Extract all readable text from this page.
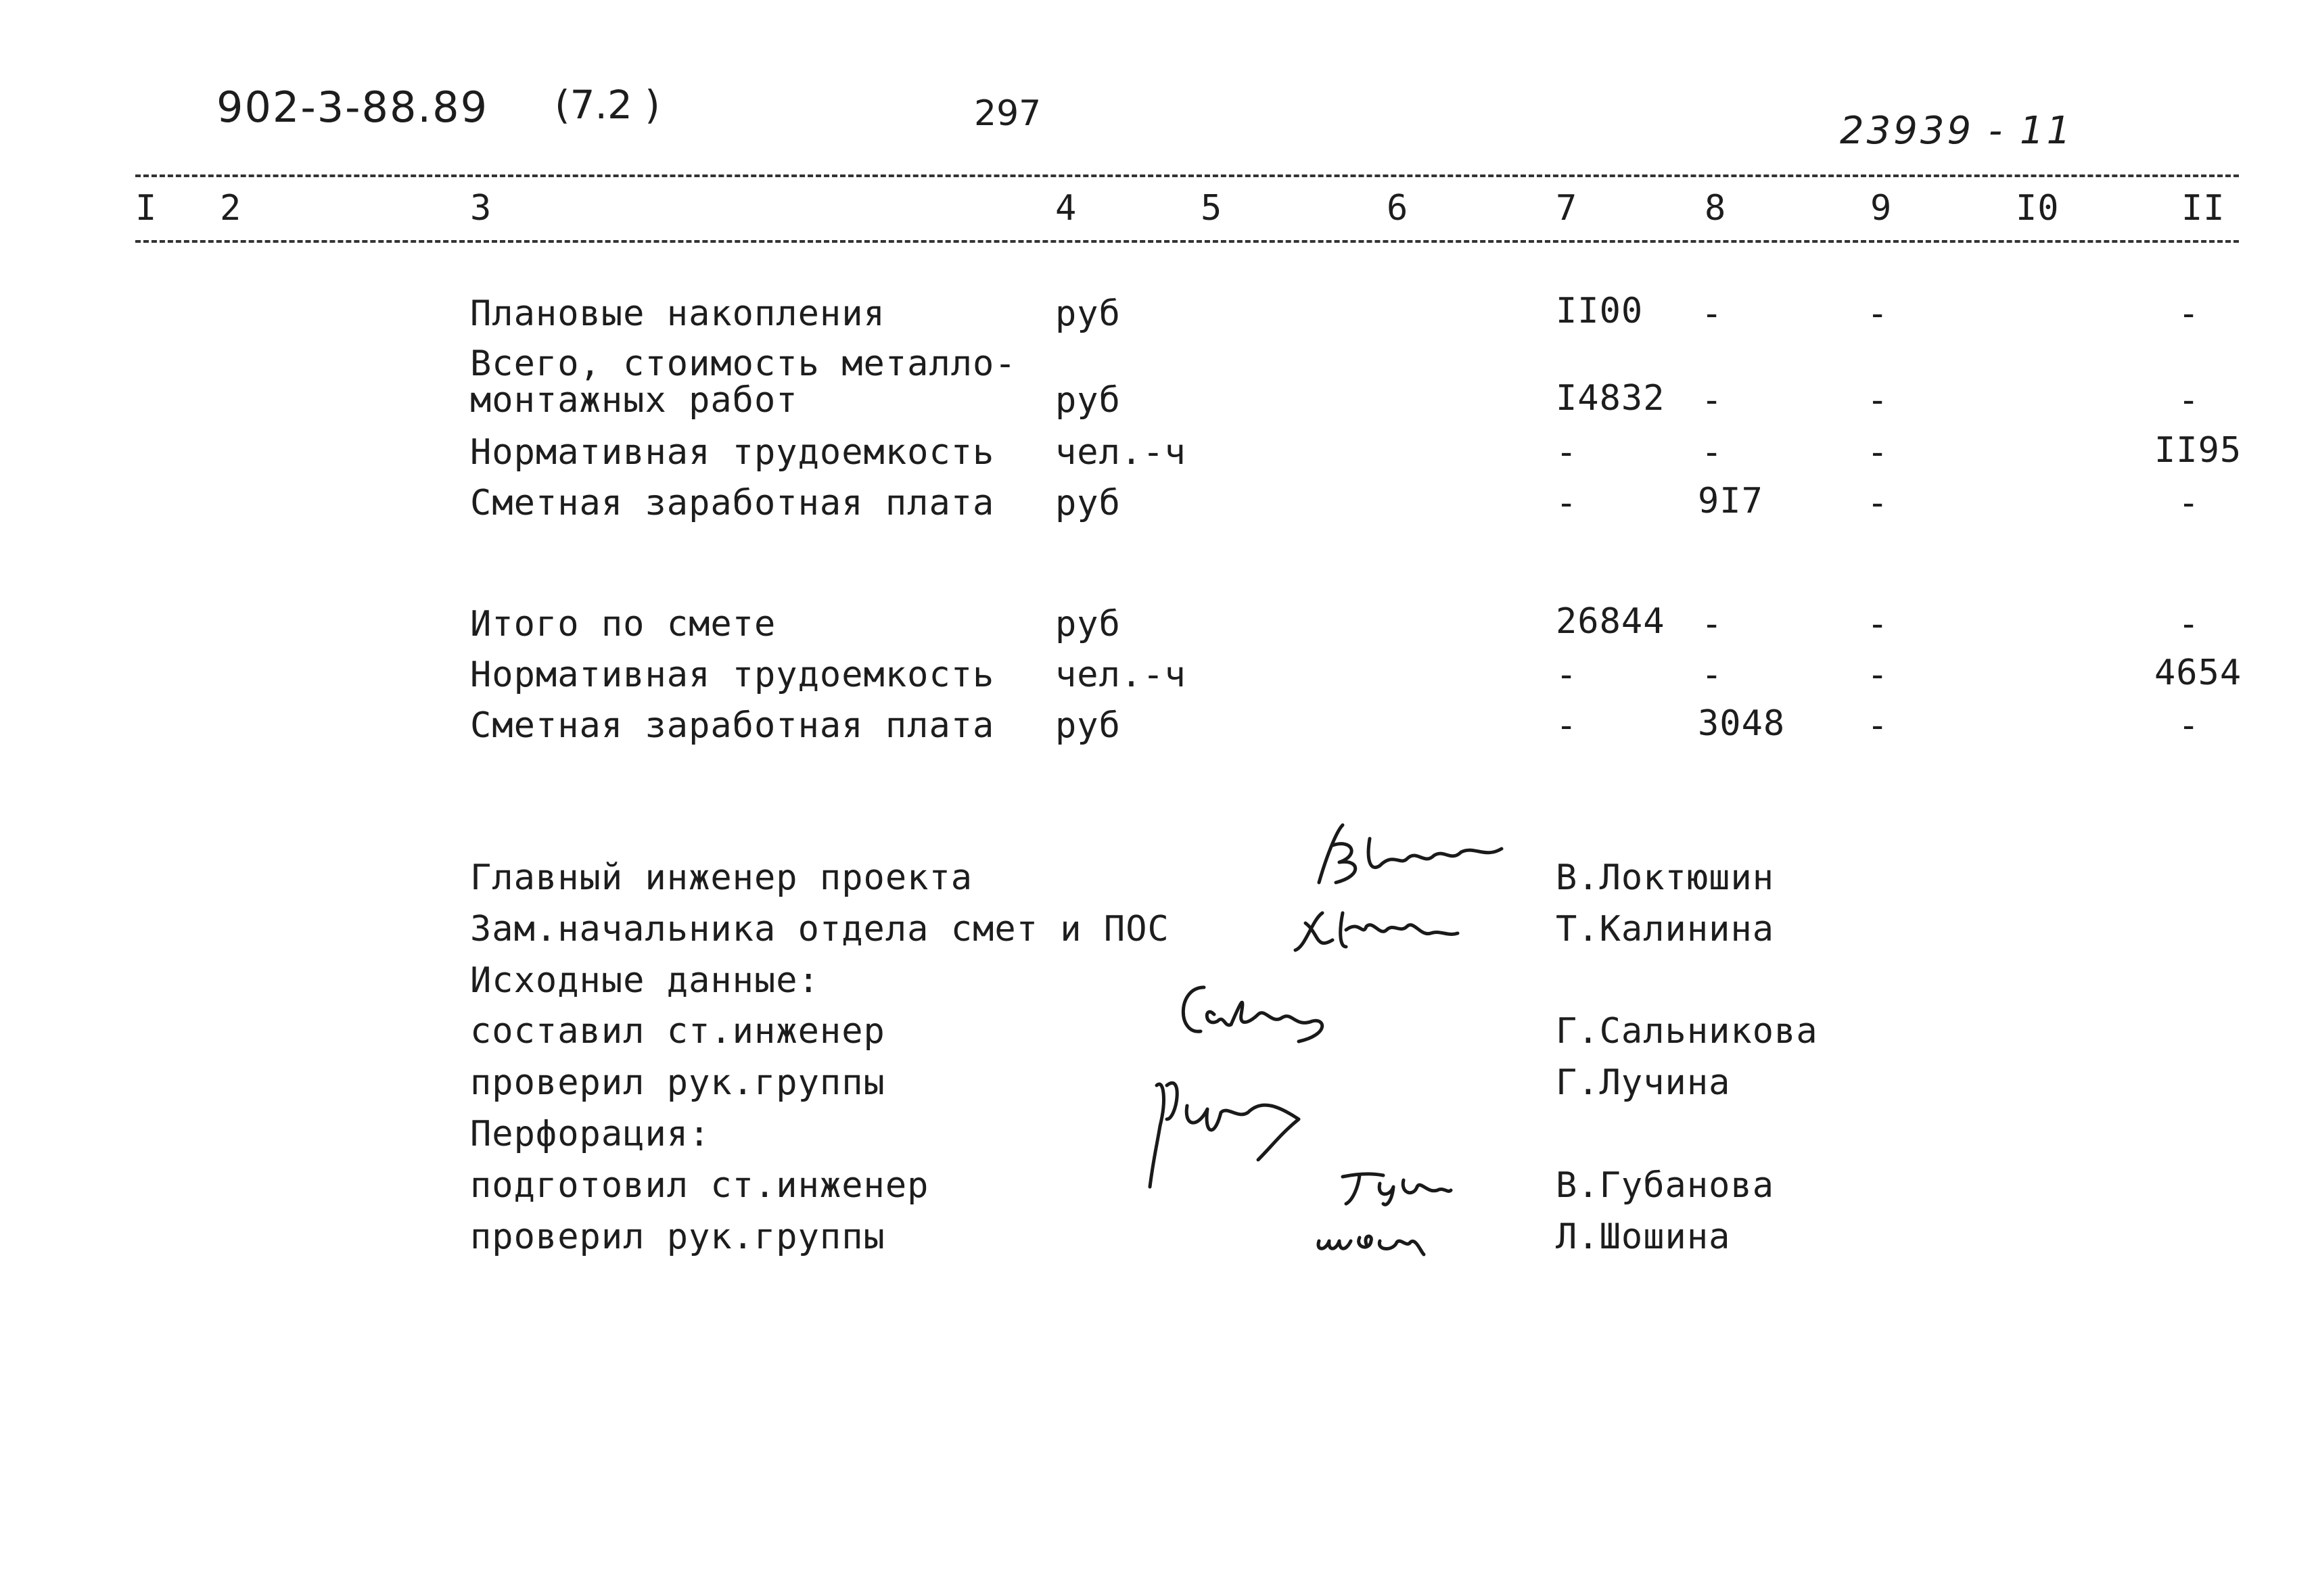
902-3-88.89 (7.2 )	297	23939 - 11
I 2	3	4	5	6	7	8	9	I0	II
Плановые накопления	руб	II00 -	-	-
Всего, стоимость металло-
монтажных работ	руб	I4832 -	-	-
Нормативная трудоемкость чел.-ч	-	-	-	II95
Сметная заработная плата руб	-	9I7	-	-
Итого по смете	руб	26844 -	-	-
Нормативная трудоемкость чел.-ч	-	-	-	4654
Сметная заработная плата руб	-	3048 -	-
Главный инженер проекта	В.Локтюшин
Зам.начальника отдела смет и ПОС	Т.Калинина
Исходные данные:
составил ст.инженер	Г.Сальникова
проверил рук.группы	Г.Лучина
Перфорация:
подготовил ст.инженер	В.Губанова
проверил рук.группы	Л.Шошина
